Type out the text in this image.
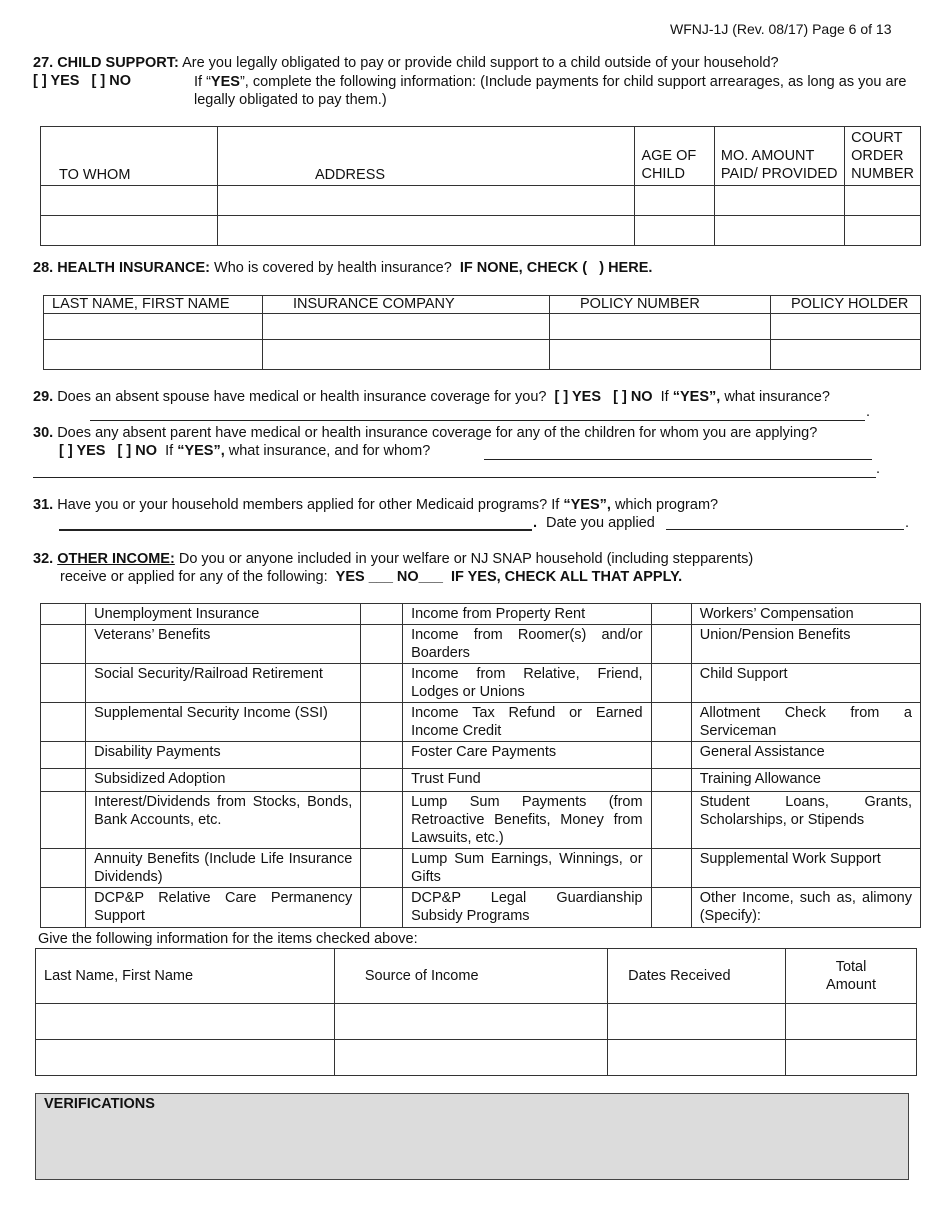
WFNJ-1J (Rev. 08/17) Page 6 of 13
27. CHILD SUPPORT: Are you legally obligated to pay or provide child support to a child outside of your household?
[ ] YES   [ ] NO	If “YES”, complete the following information: (Include payments for child support arrearages, as long as you are legally obligated to pay them.)
TO WHOM	ADDRESS	AGE OF CHILD	MO. AMOUNT PAID/ PROVIDED	COURT ORDER NUMBER

28. HEALTH INSURANCE: Who is covered by health insurance? IF NONE, CHECK (   ) HERE.
LAST NAME, FIRST NAME	INSURANCE COMPANY	POLICY NUMBER	POLICY HOLDER

29. Does an absent spouse have medical or health insurance coverage for you? [ ] YES   [ ] NO If “YES”, what insurance?
.
30. Does any absent parent have medical or health insurance coverage for any of the children for whom you are applying?
[ ] YES   [ ] NO If “YES”, what insurance, and for whom?
.
31. Have you or your household members applied for other Medicaid programs? If “YES”, which program?
. Date you applied	.
32. OTHER INCOME: Do you or anyone included in your welfare or NJ SNAP household (including stepparents)
receive or applied for any of the following: YES ___ NO___ IF YES, CHECK ALL THAT APPLY.
	Unemployment Insurance		Income from Property Rent		Workers’ Compensation
	Veterans’ Benefits		Income from Roomer(s) and/or Boarders		Union/Pension Benefits
	Social Security/Railroad Retirement		Income from Relative, Friend, Lodges or Unions		Child Support
	Supplemental Security Income (SSI)		Income Tax Refund or Earned Income Credit		Allotment Check from a Serviceman
	Disability Payments		Foster Care Payments		General Assistance
	Subsidized Adoption		Trust Fund		Training Allowance
	Interest/Dividends from Stocks, Bonds, Bank Accounts, etc.		Lump Sum Payments (from Retroactive Benefits, Money from Lawsuits, etc.)		Student Loans, Grants, Scholarships, or Stipends
	Annuity Benefits (Include Life Insurance Dividends)		Lump Sum Earnings, Winnings, or Gifts		Supplemental Work Support
	DCP&P Relative Care Permanency Support		DCP&P Legal Guardianship Subsidy Programs		Other Income, such as, alimony (Specify):
Give the following information for the items checked above:
Last Name, First Name	Source of Income	Dates Received	Total Amount

VERIFICATIONS
